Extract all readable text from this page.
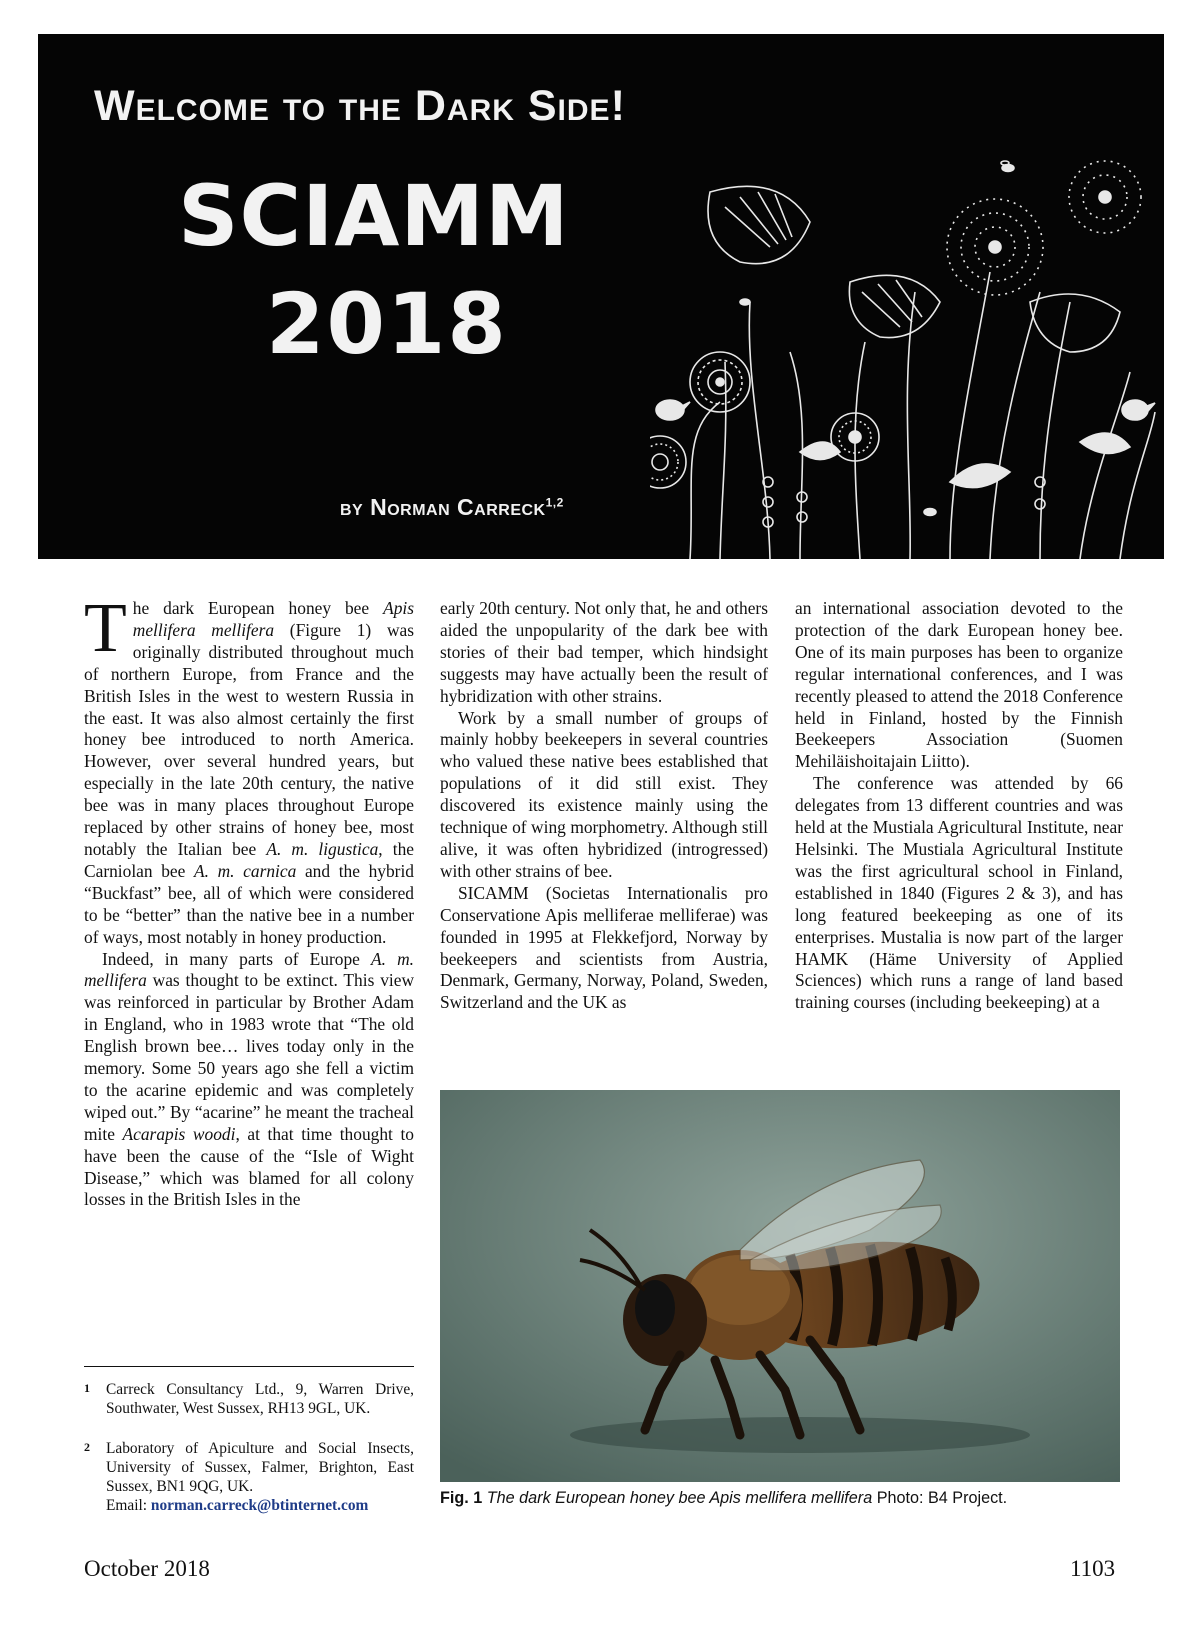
Welcome to the Dark Side!
SCIAMM
2018
by Norman Carreck$^{1,2}$

The dark European honey bee Apis mellifera mellifera (Figure 1) was originally distributed throughout much of northern Europe, from France and the British Isles in the west to western Russia in the east. It was also almost certainly the first honey bee introduced to north America. However, over several hundred years, but especially in the late 20th century, the native bee was in many places throughout Europe replaced by other strains of honey bee, most notably the Italian bee A. m. ligustica, the Carniolan bee A. m. carnica and the hybrid “Buckfast” bee, all of which were considered to be “better” than the native bee in a number of ways, most notably in honey production.

Indeed, in many parts of Europe A. m. mellifera was thought to be extinct. This view was reinforced in particular by Brother Adam in England, who in 1983 wrote that “The old English brown bee… lives today only in the memory. Some 50 years ago she fell a victim to the acarine epidemic and was completely wiped out.” By “acarine” he meant the tracheal mite Acarapis woodi, at that time thought to have been the cause of the “Isle of Wight Disease,” which was blamed for all colony losses in the British Isles in the

early 20th century. Not only that, he and others aided the unpopularity of the dark bee with stories of their bad temper, which hindsight suggests may have actually been the result of hybridization with other strains.

Work by a small number of groups of mainly hobby beekeepers in several countries who valued these native bees established that populations of it did still exist. They discovered its existence mainly using the technique of wing morphometry. Although still alive, it was often hybridized (introgressed) with other strains of bee.

SICAMM (Societas Internationalis pro Conservatione Apis melliferae melliferae) was founded in 1995 at Flekkefjord, Norway by beekeepers and scientists from Austria, Denmark, Germany, Norway, Poland, Sweden, Switzerland and the UK as

an international association devoted to the protection of the dark European honey bee. One of its main purposes has been to organize regular international conferences, and I was recently pleased to attend the 2018 Conference held in Finland, hosted by the Finnish Beekeepers Association (Suomen Mehiläishoitajain Liitto).

The conference was attended by 66 delegates from 13 different countries and was held at the Mustiala Agricultural Institute, near Helsinki. The Mustiala Agricultural Institute was the first agricultural school in Finland, established in 1840 (Figures 2 & 3), and has long featured beekeeping as one of its enterprises. Mustalia is now part of the larger HAMK (Häme University of Applied Sciences) which runs a range of land based training courses (including beekeeping) at a

1 Carreck Consultancy Ltd., 9, Warren Drive, Southwater, West Sussex, RH13 9GL, UK.
2 Laboratory of Apiculture and Social Insects, University of Sussex, Falmer, Brighton, East Sussex, BN1 9QG, UK.
Email: norman.carreck@btinternet.com	Fig. 1 The dark European honey bee Apis mellifera mellifera Photo: B4 Project.
October 2018	1103
